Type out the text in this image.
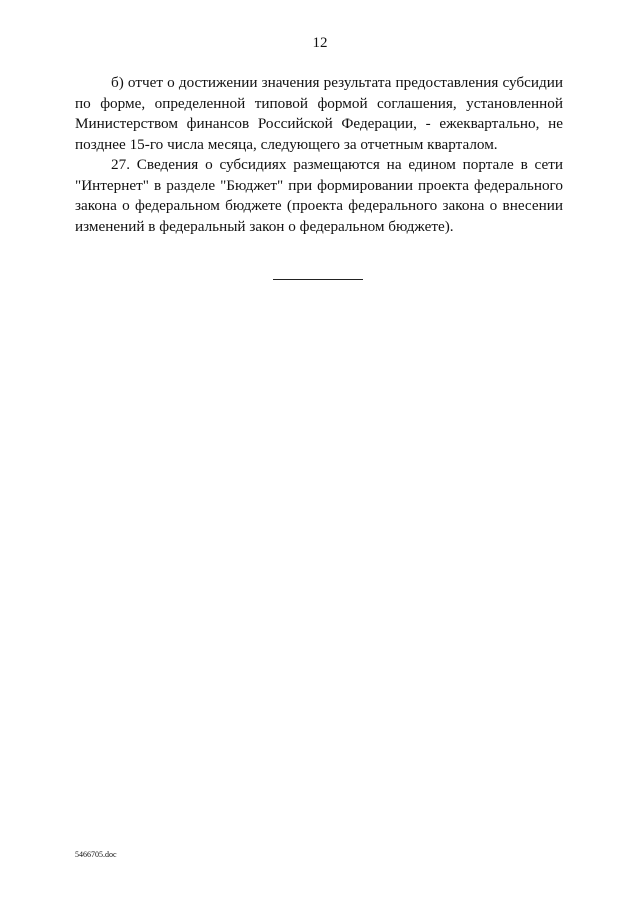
12

б) отчет о достижении значения результата предоставления субсидии по форме, определенной типовой формой соглашения, установленной Министерством финансов Российской Федерации, - ежеквартально, не позднее 15-го числа месяца, следующего за отчетным кварталом.

27. Сведения о субсидиях размещаются на едином портале в сети "Интернет" в разделе "Бюджет" при формировании проекта федерального закона о федеральном бюджете (проекта федерального закона о внесении изменений в федеральный закон о федеральном бюджете).

5466705.doc
